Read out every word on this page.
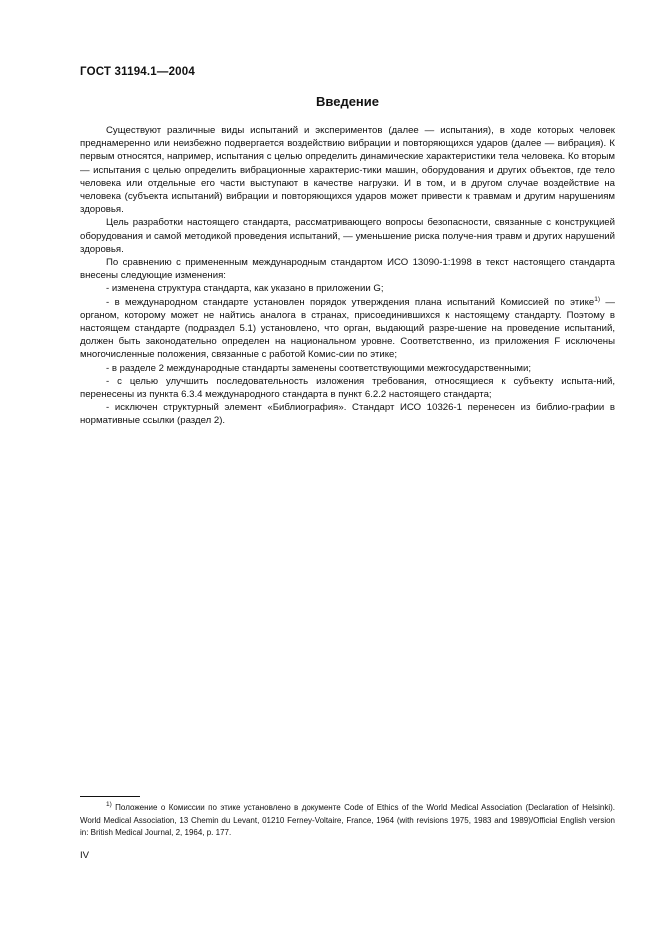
ГОСТ 31194.1—2004
Введение

Существуют различные виды испытаний и экспериментов (далее — испытания), в ходе которых человек преднамеренно или неизбежно подвергается воздействию вибрации и повторяющихся ударов (далее — вибрация). К первым относятся, например, испытания с целью определить динамические характеристики тела человека. Ко вторым — испытания с целью определить вибрационные характерис-тики машин, оборудования и других объектов, где тело человека или отдельные его части выступают в качестве нагрузки. И в том, и в другом случае воздействие на человека (субъекта испытаний) вибрации и повторяющихся ударов может привести к травмам и другим нарушениям здоровья.

Цель разработки настоящего стандарта, рассматривающего вопросы безопасности, связанные с конструкцией оборудования и самой методикой проведения испытаний, — уменьшение риска получе-ния травм и других нарушений здоровья.

По сравнению с примененным международным стандартом ИСО 13090-1:1998 в текст настоящего стандарта внесены следующие изменения:

- изменена структура стандарта, как указано в приложении G;

- в международном стандарте установлен порядок утверждения плана испытаний Комиссией по этике$^{1)}$ — органом, которому может не найтись аналога в странах, присоединившихся к настоящему стандарту. Поэтому в настоящем стандарте (подраздел 5.1) установлено, что орган, выдающий разре-шение на проведение испытаний, должен быть законодательно определен на национальном уровне. Соответственно, из приложения F исключены многочисленные положения, связанные с работой Комис-сии по этике;

- в разделе 2 международные стандарты заменены соответствующими межгосударственными;

- с целью улучшить последовательность изложения требования, относящиеся к субъекту испыта-ний, перенесены из пункта 6.3.4 международного стандарта в пункт 6.2.2 настоящего стандарта;

- исключен структурный элемент «Библиография». Стандарт ИСО 10326-1 перенесен из библио-графии в нормативные ссылки (раздел 2).

$^{1)}$ Положение о Комиссии по этике установлено в документе Code of Ethics of the World Medical Association (Declaration of Helsinki). World Medical Association, 13 Chemin du Levant, 01210 Ferney-Voltaire, France, 1964 (with revisions 1975, 1983 and 1989)/Official English version in: British Medical Journal, 2, 1964, p. 177.

IV
